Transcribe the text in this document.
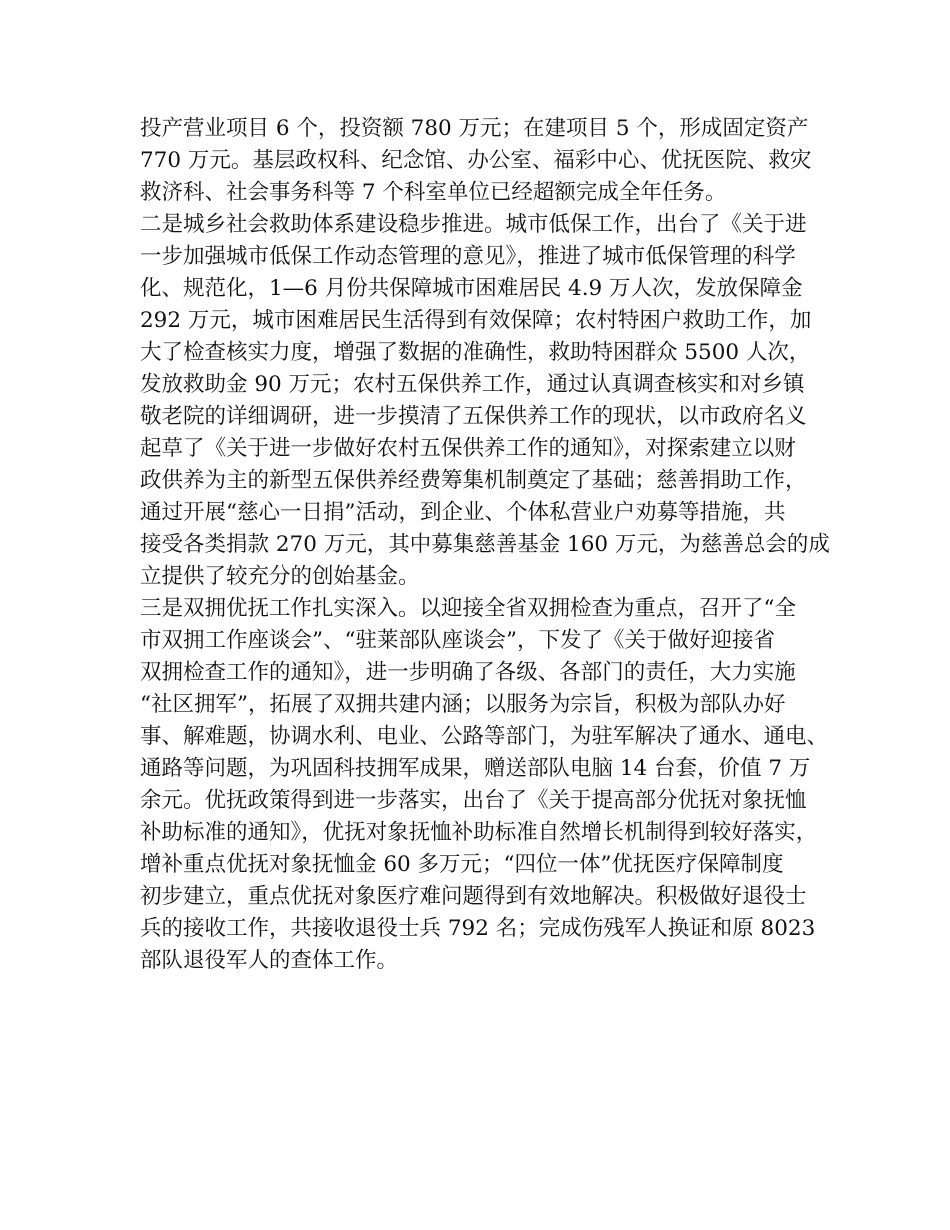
投产营业项目 6 个，投资额 780 万元；在建项目 5 个，形成固定资产
770 万元。基层政权科、纪念馆、办公室、福彩中心、优抚医院、救灾
救济科、社会事务科等 7 个科室单位已经超额完成全年任务。
二是城乡社会救助体系建设稳步推进。城市低保工作，出台了《关于进
一步加强城市低保工作动态管理的意见》，推进了城市低保管理的科学
化、规范化，1—6 月份共保障城市困难居民 4.9 万人次，发放保障金
292 万元，城市困难居民生活得到有效保障；农村特困户救助工作，加
大了检查核实力度，增强了数据的准确性，救助特困群众 5500 人次，
发放救助金 90 万元；农村五保供养工作，通过认真调查核实和对乡镇
敬老院的详细调研，进一步摸清了五保供养工作的现状，以市政府名义
起草了《关于进一步做好农村五保供养工作的通知》，对探索建立以财
政供养为主的新型五保供养经费筹集机制奠定了基础；慈善捐助工作，
通过开展“慈心一日捐”活动，到企业、个体私营业户劝募等措施，共
接受各类捐款 270 万元，其中募集慈善基金 160 万元，为慈善总会的成
立提供了较充分的创始基金。
三是双拥优抚工作扎实深入。以迎接全省双拥检查为重点，召开了“全
市双拥工作座谈会”、“驻莱部队座谈会”，下发了《关于做好迎接省
双拥检查工作的通知》，进一步明确了各级、各部门的责任，大力实施
“社区拥军”，拓展了双拥共建内涵；以服务为宗旨，积极为部队办好
事、解难题，协调水利、电业、公路等部门，为驻军解决了通水、通电、
通路等问题，为巩固科技拥军成果，赠送部队电脑 14 台套，价值 7 万
余元。优抚政策得到进一步落实，出台了《关于提高部分优抚对象抚恤
补助标准的通知》，优抚对象抚恤补助标准自然增长机制得到较好落实，
增补重点优抚对象抚恤金 60 多万元；“四位一体”优抚医疗保障制度
初步建立，重点优抚对象医疗难问题得到有效地解决。积极做好退役士
兵的接收工作，共接收退役士兵 792 名；完成伤残军人换证和原 8023
部队退役军人的查体工作。
